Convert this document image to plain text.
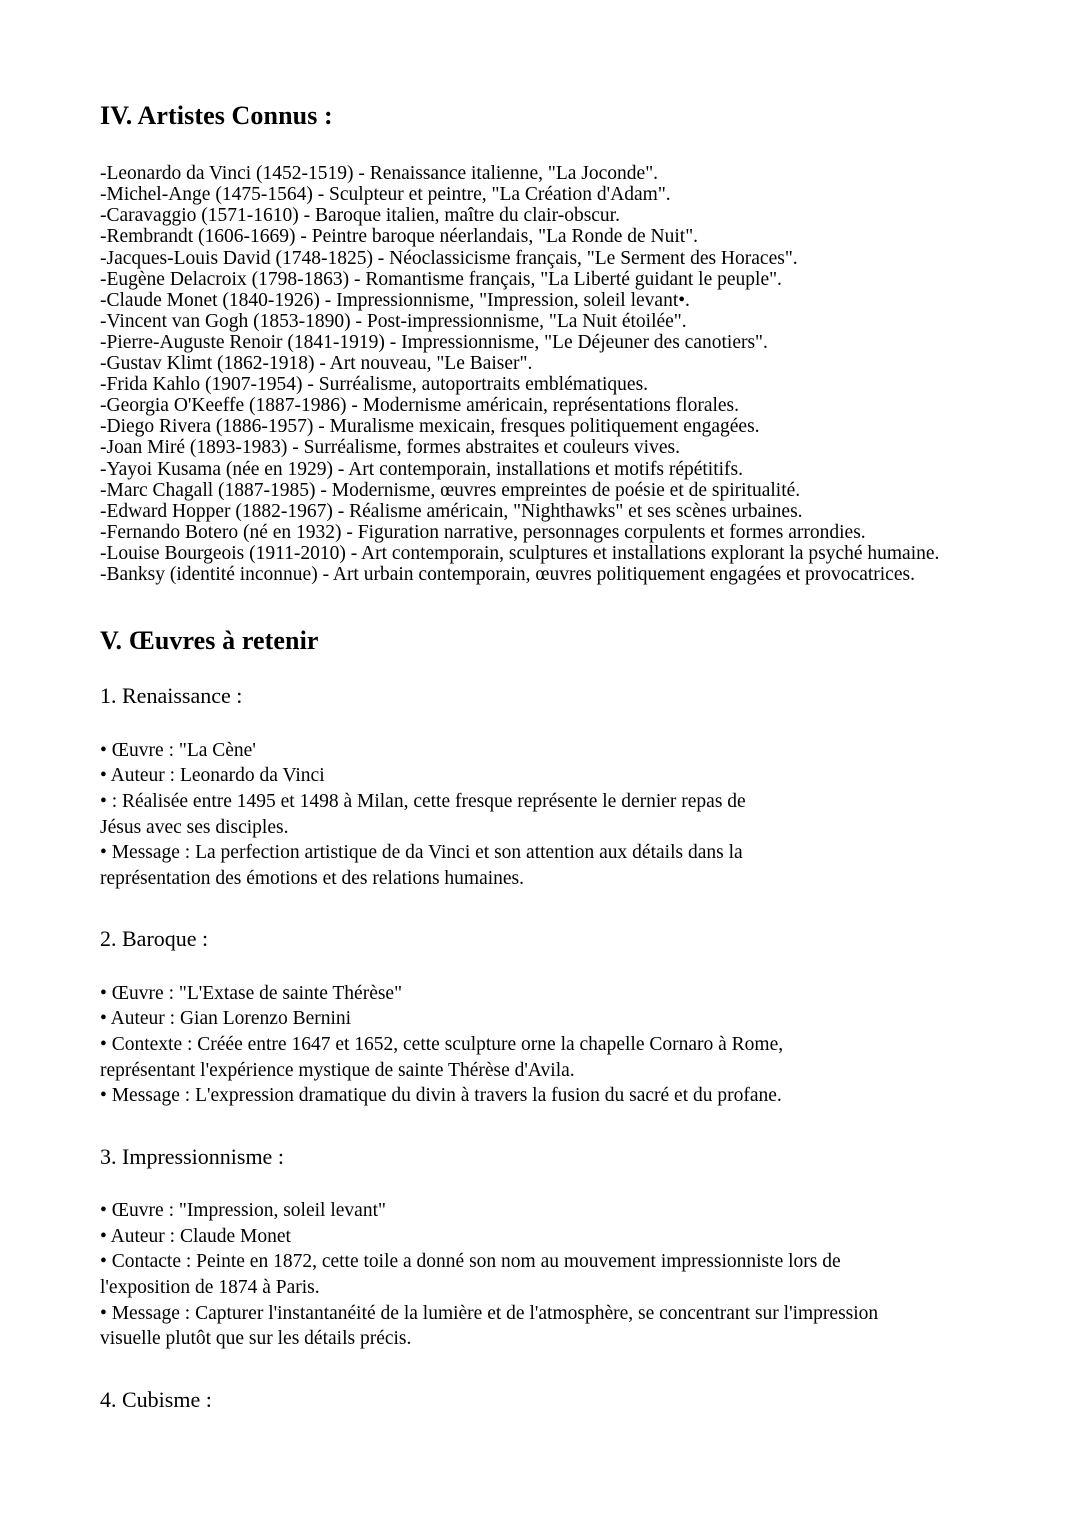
IV. Artistes Connus :
-Leonardo da Vinci (1452-1519) - Renaissance italienne, "La Joconde".
-Michel-Ange (1475-1564) - Sculpteur et peintre, "La Création d'Adam".
-Caravaggio (1571-1610) - Baroque italien, maître du clair-obscur.
-Rembrandt (1606-1669) - Peintre baroque néerlandais, "La Ronde de Nuit".
-Jacques-Louis David (1748-1825) - Néoclassicisme français, "Le Serment des Horaces".
-Eugène Delacroix (1798-1863) - Romantisme français, "La Liberté guidant le peuple".
-Claude Monet (1840-1926) - Impressionnisme, "Impression, soleil levant•.
-Vincent van Gogh (1853-1890) - Post-impressionnisme, "La Nuit étoilée".
-Pierre-Auguste Renoir (1841-1919) - Impressionnisme, "Le Déjeuner des canotiers".
-Gustav Klimt (1862-1918) - Art nouveau, "Le Baiser".
-Frida Kahlo (1907-1954) - Surréalisme, autoportraits emblématiques.
-Georgia O'Keeffe (1887-1986) - Modernisme américain, représentations florales.
-Diego Rivera (1886-1957) - Muralisme mexicain, fresques politiquement engagées.
-Joan Miré (1893-1983) - Surréalisme, formes abstraites et couleurs vives.
-Yayoi Kusama (née en 1929) - Art contemporain, installations et motifs répétitifs.
-Marc Chagall (1887-1985) - Modernisme, œuvres empreintes de poésie et de spiritualité.
-Edward Hopper (1882-1967) - Réalisme américain, "Nighthawks" et ses scènes urbaines.
-Fernando Botero (né en 1932) - Figuration narrative, personnages corpulents et formes arrondies.
-Louise Bourgeois (1911-2010) - Art contemporain, sculptures et installations explorant la psyché humaine.
-Banksy (identité inconnue) - Art urbain contemporain, œuvres politiquement engagées et provocatrices.
V. Œuvres à retenir
1. Renaissance :
• Œuvre : "La Cène'
• Auteur : Leonardo da Vinci
• : Réalisée entre 1495 et 1498 à Milan, cette fresque représente le dernier repas de
Jésus avec ses disciples.
• Message : La perfection artistique de da Vinci et son attention aux détails dans la
représentation des émotions et des relations humaines.
2. Baroque :
• Œuvre : "L'Extase de sainte Thérèse"
• Auteur : Gian Lorenzo Bernini
• Contexte : Créée entre 1647 et 1652, cette sculpture orne la chapelle Cornaro à Rome,
représentant l'expérience mystique de sainte Thérèse d'Avila.
• Message : L'expression dramatique du divin à travers la fusion du sacré et du profane.
3. Impressionnisme :
• Œuvre : "Impression, soleil levant"
• Auteur : Claude Monet
• Contacte : Peinte en 1872, cette toile a donné son nom au mouvement impressionniste lors de
l'exposition de 1874 à Paris.
• Message : Capturer l'instantanéité de la lumière et de l'atmosphère, se concentrant sur l'impression
visuelle plutôt que sur les détails précis.
4. Cubisme :
